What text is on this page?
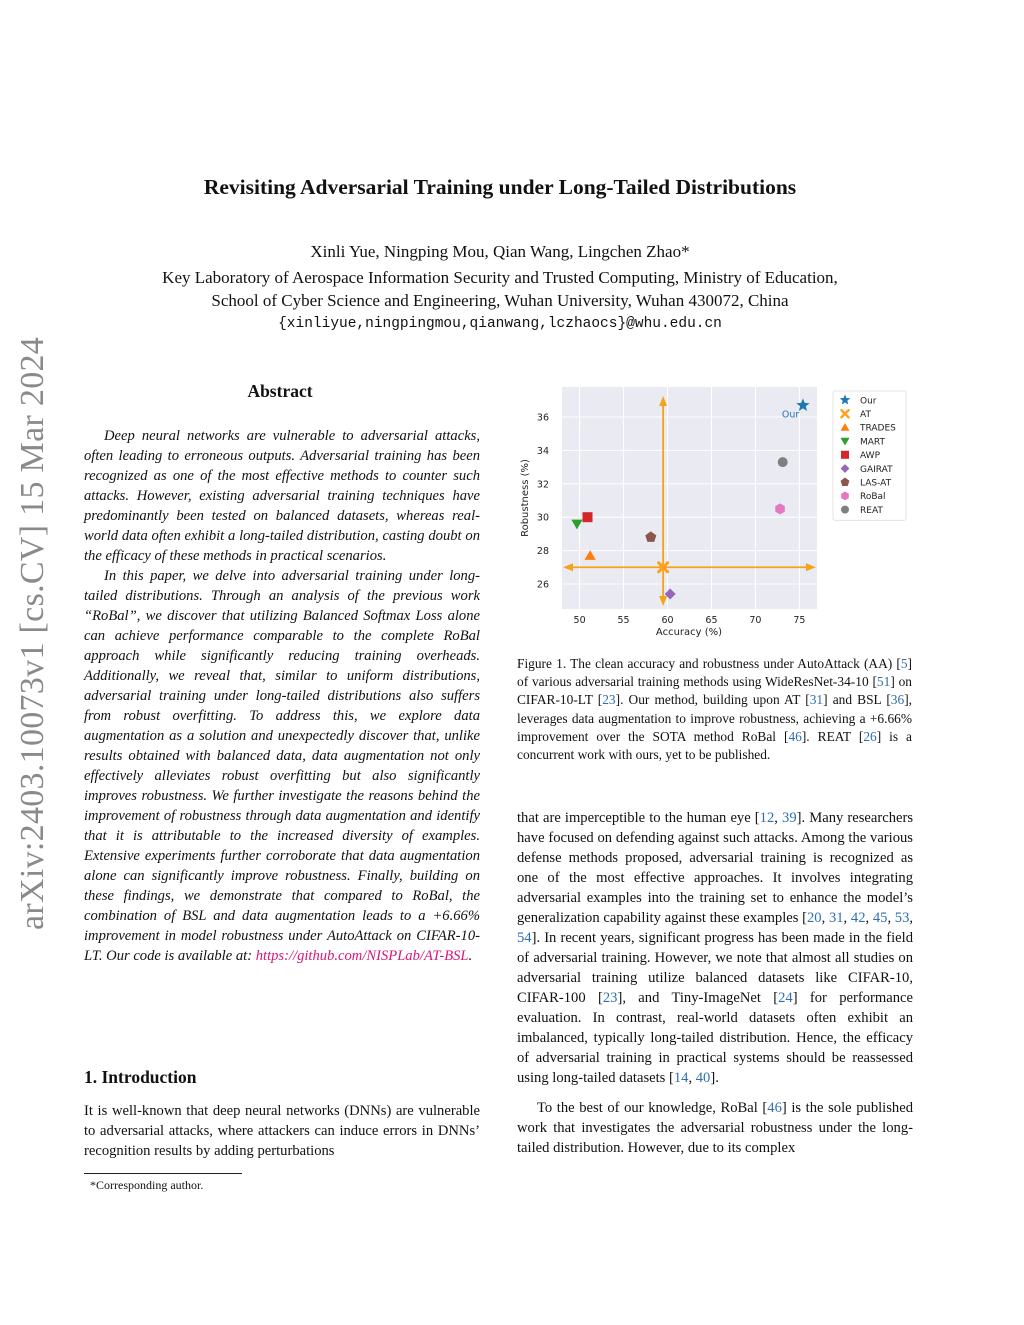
arXiv:2403.10073v1 [cs.CV] 15 Mar 2024
Revisiting Adversarial Training under Long-Tailed Distributions
Xinli Yue, Ningping Mou, Qian Wang, Lingchen Zhao*
Key Laboratory of Aerospace Information Security and Trusted Computing, Ministry of Education,
School of Cyber Science and Engineering, Wuhan University, Wuhan 430072, China
{xinliyue,ningpingmou,qianwang,lczhaocs}@whu.edu.cn
Abstract

Deep neural networks are vulnerable to adversarial attacks, often leading to erroneous outputs. Adversarial training has been recognized as one of the most effective methods to counter such attacks. However, existing adversarial training techniques have predominantly been tested on balanced datasets, whereas real-world data often exhibit a long-tailed distribution, casting doubt on the efficacy of these methods in practical scenarios.

In this paper, we delve into adversarial training under long-tailed distributions. Through an analysis of the previous work “RoBal”, we discover that utilizing Balanced Softmax Loss alone can achieve performance comparable to the complete RoBal approach while significantly reducing training overheads. Additionally, we reveal that, similar to uniform distributions, adversarial training under long-tailed distributions also suffers from robust overfitting. To address this, we explore data augmentation as a solution and unexpectedly discover that, unlike results obtained with balanced data, data augmentation not only effectively alleviates robust overfitting but also significantly improves robustness. We further investigate the reasons behind the improvement of robustness through data augmentation and identify that it is attributable to the increased diversity of examples. Extensive experiments further corroborate that data augmentation alone can significantly improve robustness. Finally, building on these findings, we demonstrate that compared to RoBal, the combination of BSL and data augmentation leads to a +6.66% improvement in model robustness under AutoAttack on CIFAR-10-LT. Our code is available at: https://github.com/NISPLab/AT-BSL.

1. Introduction
It is well-known that deep neural networks (DNNs) are vulnerable to adversarial attacks, where attackers can induce errors in DNNs’ recognition results by adding perturbations
*Corresponding author.
50	55	60	65	70	75
26
28
30
32
34
36	Our
Accuracy (%)
Robustness (%)
Our
AT
TRADES
MART
AWP
GAIRAT
LAS-AT
RoBal
REAT
Figure 1. The clean accuracy and robustness under AutoAttack (AA) [5] of various adversarial training methods using WideResNet-34-10 [51] on CIFAR-10-LT [23]. Our method, building upon AT [31] and BSL [36], leverages data augmentation to improve robustness, achieving a +6.66% improvement over the SOTA method RoBal [46]. REAT [26] is a concurrent work with ours, yet to be published.

that are imperceptible to the human eye [12, 39]. Many researchers have focused on defending against such attacks. Among the various defense methods proposed, adversarial training is recognized as one of the most effective approaches. It involves integrating adversarial examples into the training set to enhance the model’s generalization capability against these examples [20, 31, 42, 45, 53, 54]. In recent years, significant progress has been made in the field of adversarial training. However, we note that almost all studies on adversarial training utilize balanced datasets like CIFAR-10, CIFAR-100 [23], and Tiny-ImageNet [24] for performance evaluation. In contrast, real-world datasets often exhibit an imbalanced, typically long-tailed distribution. Hence, the efficacy of adversarial training in practical systems should be reassessed using long-tailed datasets [14, 40].

To the best of our knowledge, RoBal [46] is the sole published work that investigates the adversarial robustness under the long-tailed distribution. However, due to its complex
